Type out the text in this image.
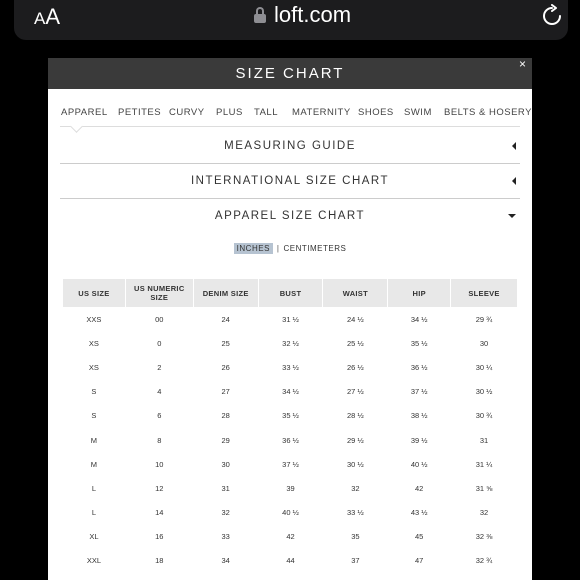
AA	loft.com
SIZE CHART
×
APPAREL PETITES CURVY PLUS TALL MATERNITY SHOES SWIM BELTS & HOSERY
MEASURING GUIDE
INTERNATIONAL SIZE CHART
APPAREL SIZE CHART
INCHES | CENTIMETERS
US SIZE	US NUMERIC SIZE	DENIM SIZE	BUST	WAIST	HIP	SLEEVE
XXS	00	24	31 ½	24 ½	34 ½	29 ¾
XS	0	25	32 ½	25 ½	35 ½	30
XS	2	26	33 ½	26 ½	36 ½	30 ¼
S	4	27	34 ½	27 ½	37 ½	30 ½
S	6	28	35 ½	28 ½	38 ½	30 ¾
M	8	29	36 ½	29 ½	39 ½	31
M	10	30	37 ½	30 ½	40 ½	31 ¼
L	12	31	39	32	42	31 ⅝
L	14	32	40 ½	33 ½	43 ½	32
XL	16	33	42	35	45	32 ⅜
XXL	18	34	44	37	47	32 ¾
